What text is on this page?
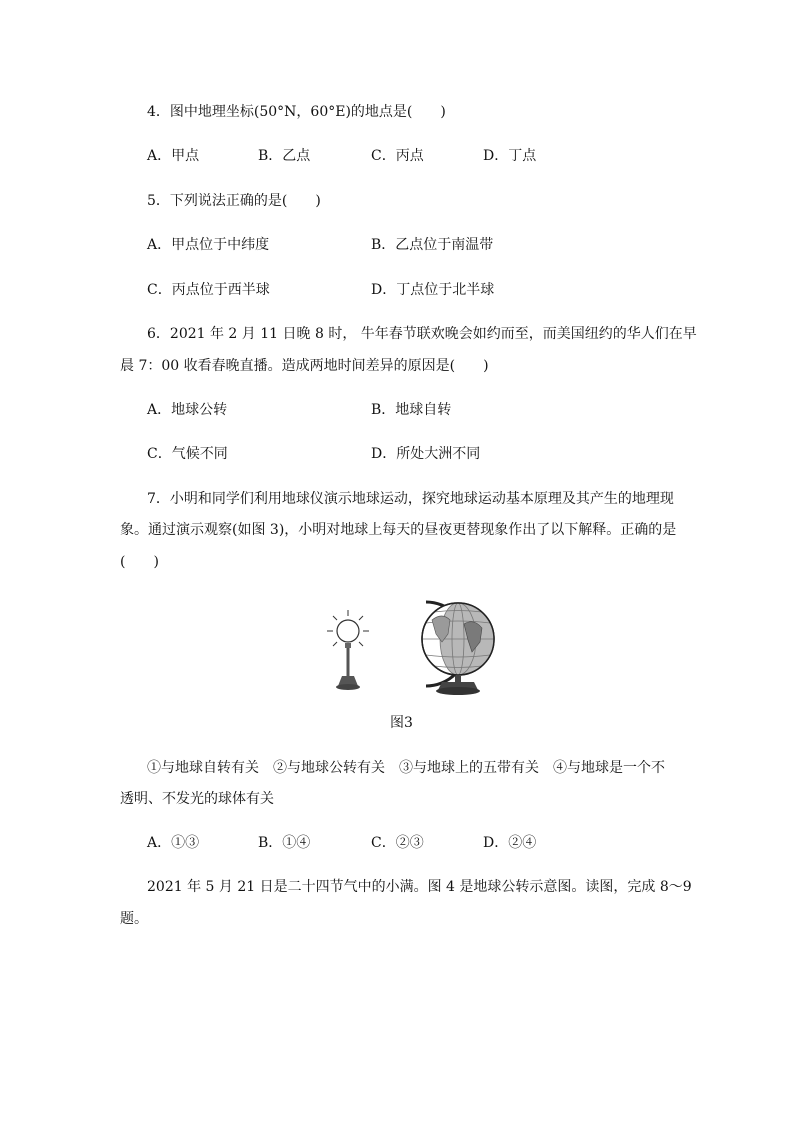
4．图中地理坐标(50°N，60°E)的地点是(　　)
A．甲点	B．乙点	C．丙点	D．丁点
5．下列说法正确的是(　　)
A．甲点位于中纬度	B．乙点位于南温带
C．丙点位于西半球	D．丁点位于北半球
6．2021 年 2 月 11 日晚 8 时， 牛年春节联欢晚会如约而至，而美国纽约的华人们在早
晨 7：00 收看春晚直播。造成两地时间差异的原因是(　　)
A．地球公转	B．地球自转
C．气候不同	D．所处大洲不同
7．小明和同学们利用地球仪演示地球运动，探究地球运动基本原理及其产生的地理现
象。通过演示观察(如图 3)，小明对地球上每天的昼夜更替现象作出了以下解释。正确的是
(　　)
图3
①与地球自转有关　②与地球公转有关　③与地球上的五带有关　④与地球是一个不
透明、不发光的球体有关
A．①③	B．①④	C．②③	D．②④
2021 年 5 月 21 日是二十四节气中的小满。图 4 是地球公转示意图。读图，完成 8～9
题。
